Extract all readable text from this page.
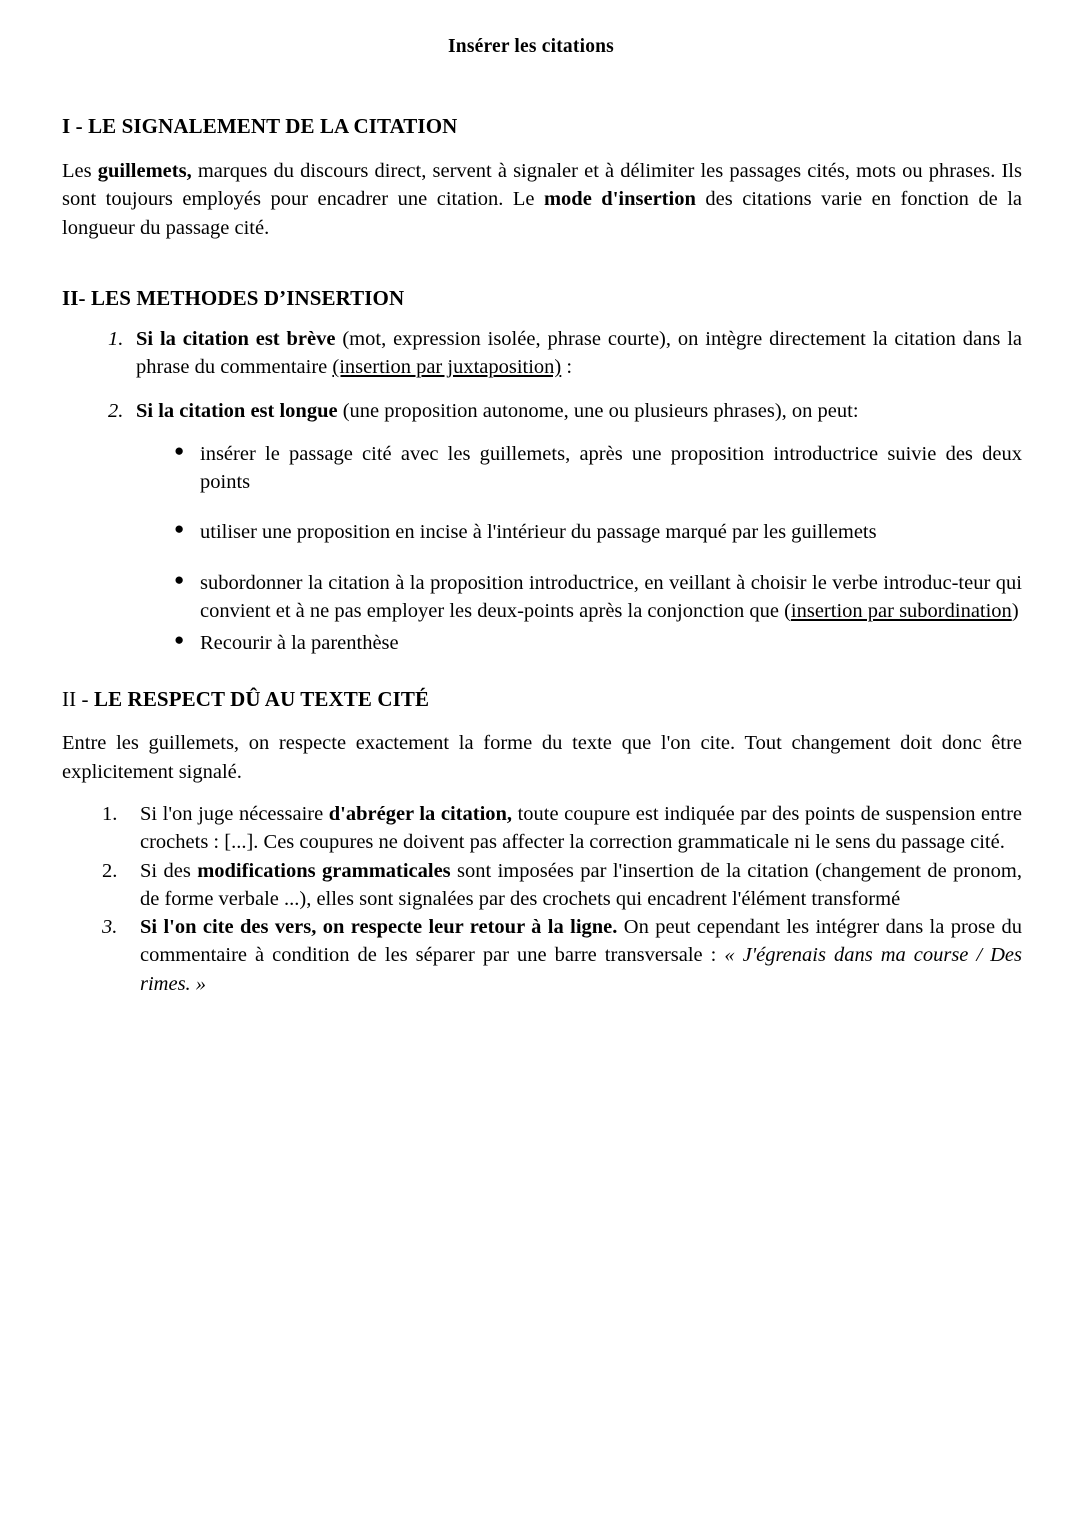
Insérer les citations
I - LE SIGNALEMENT DE LA CITATION

Les guillemets, marques du discours direct, servent à signaler et à délimiter les passages cités, mots ou phrases. Ils sont toujours employés pour encadrer une citation. Le mode d'insertion des citations varie en fonction de la longueur du passage cité.

II- LES METHODES D’INSERTION
1. Si la citation est brève (mot, expression isolée, phrase courte), on intègre directement la citation dans la phrase du commentaire (insertion par juxtaposition) :
2. Si la citation est longue (une proposition autonome, une ou plusieurs phrases), on peut:
● insérer le passage cité avec les guillemets, après une proposition introductrice suivie des deux points
● utiliser une proposition en incise à l'intérieur du passage marqué par les guillemets
● subordonner la citation à la proposition introductrice, en veillant à choisir le verbe introduc-teur qui convient et à ne pas employer les deux-points après la conjonction que (insertion par subordination)
● Recourir à la parenthèse
II - LE RESPECT DÛ AU TEXTE CITÉ

Entre les guillemets, on respecte exactement la forme du texte que l'on cite. Tout changement doit donc être explicitement signalé.

1. Si l'on juge nécessaire d'abréger la citation, toute coupure est indiquée par des points de suspension entre crochets : [...]. Ces coupures ne doivent pas affecter la correction grammaticale ni le sens du passage cité.
2. Si des modifications grammaticales sont imposées par l'insertion de la citation (changement de pronom, de forme verbale ...), elles sont signalées par des crochets qui encadrent l'élément transformé
3. Si l'on cite des vers, on respecte leur retour à la ligne. On peut cependant les intégrer dans la prose du commentaire à condition de les séparer par une barre transversale : « J'égrenais dans ma course / Des rimes. »
